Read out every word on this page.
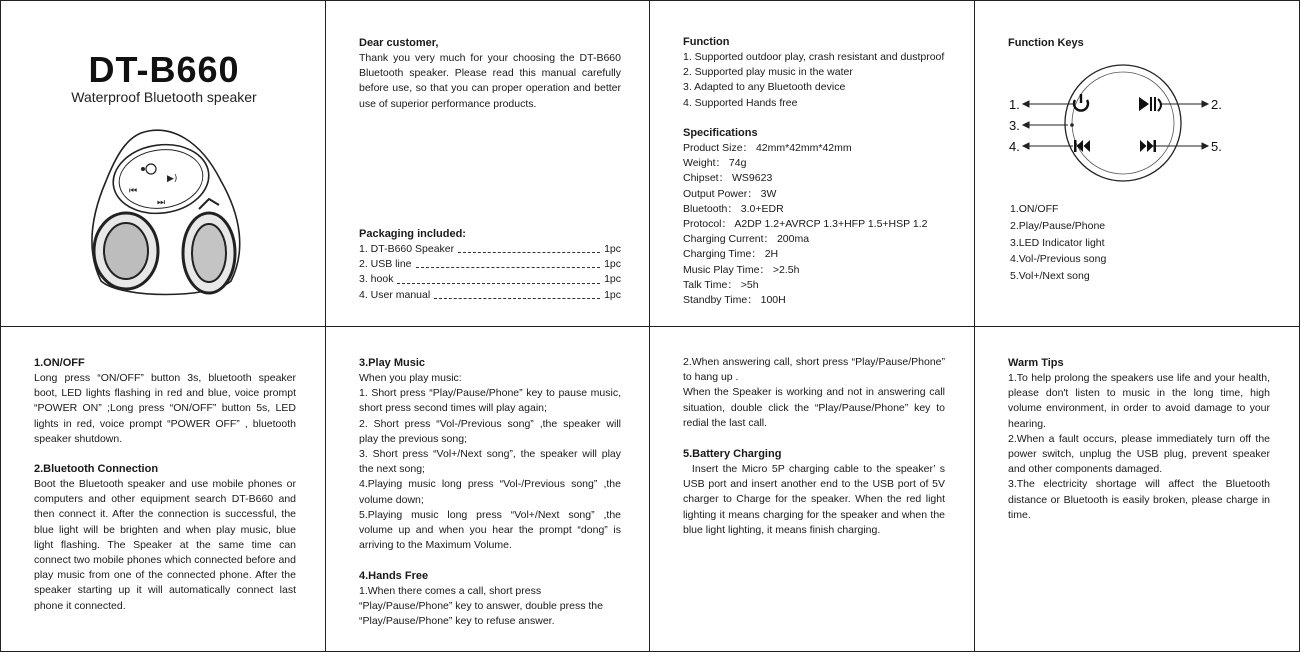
DT-B660
Waterproof Bluetooth speaker
▶)
⏮
⏭
Dear customer,
Thank you very much for your choosing the DT-B660 Bluetooth speaker. Please read this manual carefully before use, so that you can proper operation and better use of superior performance products.
Packaging included:
1. DT-B660 Speaker	1pc
2. USB line	1pc
3. hook	1pc
4. User manual	1pc
Function
1. Supported outdoor play, crash resistant and dustproof
2. Supported play music in the water
3. Adapted to any Bluetooth device
4. Supported Hands free
Specifications
Product Size： 42mm*42mm*42mm
Weight： 74g
Chipset： WS9623
Output Power： 3W
Bluetooth： 3.0+EDR
Protocol： A2DP 1.2+AVRCP 1.3+HFP 1.5+HSP 1.2
Charging Current： 200ma
Charging Time： 2H
Music Play Time： >2.5h
Talk Time： >5h
Standby Time： 100H
Function Keys
1.	2.
3.
4.	5.
1.ON/OFF
2.Play/Pause/Phone
3.LED Indicator light
4.Vol-/Previous song
5.Vol+/Next song
1.ON/OFF
Long press “ON/OFF” button 3s, bluetooth speaker boot, LED lights flashing in red and blue, voice prompt “POWER ON” ;Long press “ON/OFF” button 5s, LED lights in red, voice prompt “POWER OFF” , bluetooth speaker shutdown.
2.Bluetooth Connection
Boot the Bluetooth speaker and use mobile phones or computers and other equipment search DT-B660 and then connect it. After the connection is successful, the blue light will be brighten and when play music, blue light flashing. The Speaker at the same time can connect two mobile phones which connected before and play music from one of the connected phone. After the speaker starting up it will automatically connect last phone it connected.
3.Play Music
When you play music:
1. Short press “Play/Pause/Phone” key to pause music, short press second times will play again;
2. Short press “Vol-/Previous song” ,the speaker will play the previous song;
3. Short press “Vol+/Next song”, the speaker will play the next song;
4.Playing music long press “Vol-/Previous song” ,the volume down;
5.Playing music long press “Vol+/Next song” ,the volume up and when you hear the prompt “dong” is arriving to the Maximum Volume.
4.Hands Free
1.When there comes a call, short press
“Play/Pause/Phone” key to answer, double press the
“Play/Pause/Phone” key to refuse answer.
2.When answering call, short press “Play/Pause/Phone” to hang up .
When the Speaker is working and not in answering call situation, double click the “Play/Pause/Phone” key to redial the last call.
5.Battery Charging
Insert the Micro 5P charging cable to the speaker’ s USB port and insert another end to the USB port of 5V charger to Charge for the speaker. When the red light lighting it means charging for the speaker and when the blue light lighting, it means finish charging.
Warm Tips
1.To help prolong the speakers use life and your health, please don't listen to music in the long time, high volume environment, in order to avoid damage to your hearing.
2.When a fault occurs, please immediately turn off the power switch, unplug the USB plug, prevent speaker and other components damaged.
3.The electricity shortage will affect the Bluetooth distance or Bluetooth is easily broken, please charge in time.
